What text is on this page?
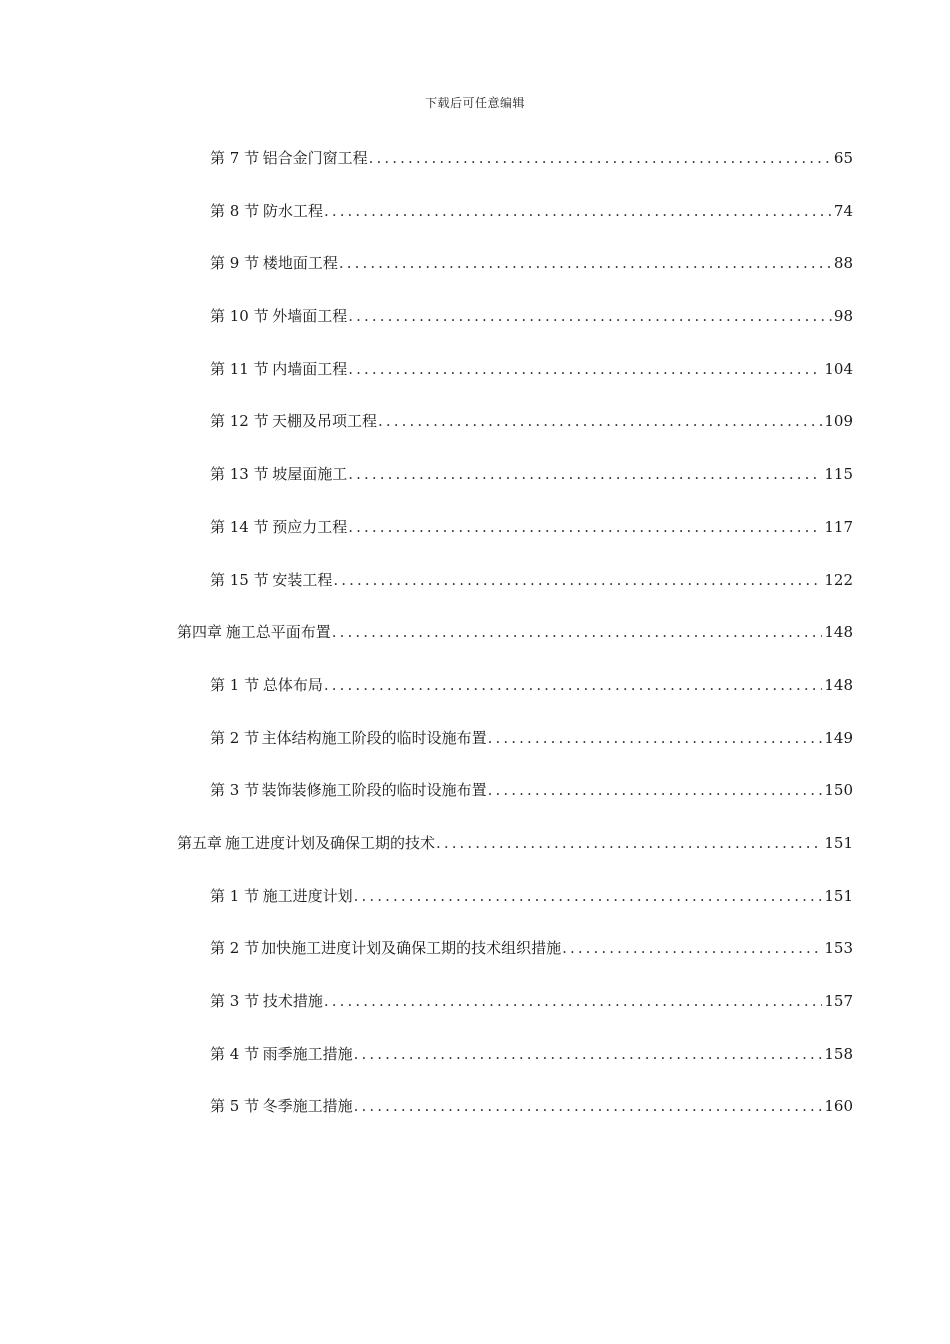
下载后可任意编辑
第 7 节 铝合金门窗工程 .....	65
第 8 节 防水工程 .....	74
第 9 节 楼地面工程 .....	88
第 10 节 外墙面工程 .....	98
第 11 节 内墙面工程 .....	104
第 12 节 天棚及吊项工程 .....	109
第 13 节 坡屋面施工 .....	115
第 14 节 预应力工程 .....	117
第 15 节 安装工程 .....	122
第四章 施工总平面布置 .....	148
第 1 节 总体布局 .....	148
第 2 节 主体结构施工阶段的临时设施布置 .....	149
第 3 节 装饰装修施工阶段的临时设施布置 .....	150
第五章 施工进度计划及确保工期的技术 .....	151
第 1 节 施工进度计划 .....	151
第 2 节 加快施工进度计划及确保工期的技术组织措施 .....	153
第 3 节 技术措施 .....	157
第 4 节 雨季施工措施 .....	158
第 5 节 冬季施工措施 .....	160
